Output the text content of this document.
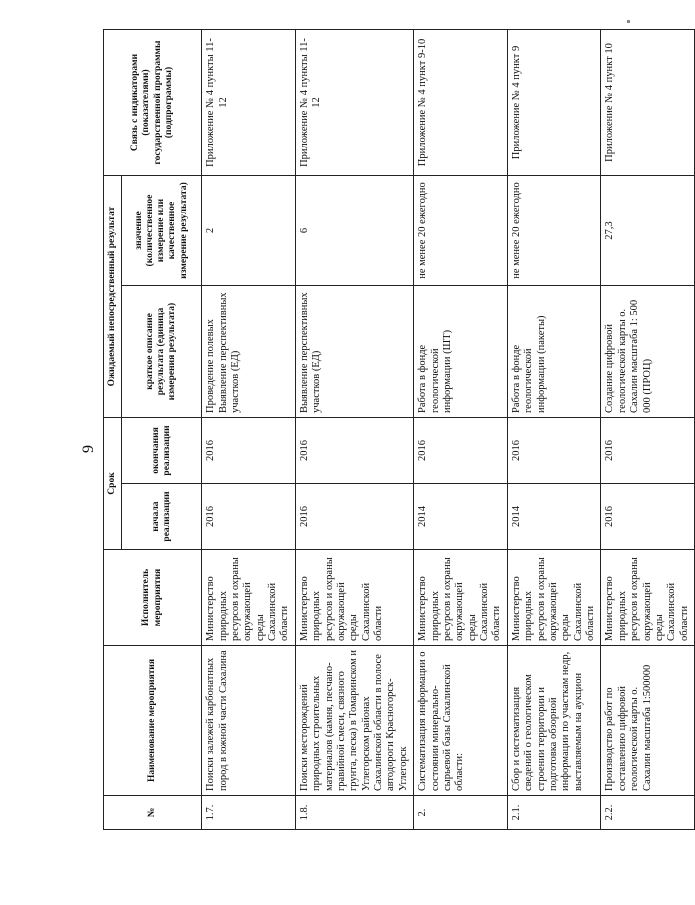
9
№	Наименование мероприятия	Исполнитель мероприятия	Срок		Ожидаемый непосредственный результат		Связь с индикаторами (показателями) государственной программы (подпрограммы)
			начала реализации	окончания реализации	краткое описание результата (единица измерения результата)	значение (количественное измерение или качественное измерение результата)	
1.7.	Поиски залежей карбонатных пород в южной части Сахалина	Министерство природных ресурсов и охраны окружающей среды Сахалинской области	2016	2016	Проведение полевых Выявление перспективных участков (ЕД)	2	Приложение № 4 пункты 11-12
1.8.	Поиски месторождений природных строительных материалов (камня, песчано-гравийной смеси, связного грунта, песка) в Томаринском и Углегорском районах Сахалинской области в полосе автодороги Красногорск-Углегорск	Министерство природных ресурсов и охраны окружающей среды Сахалинской области	2016	2016	Выявление перспективных участков (ЕД)	6	Приложение № 4 пункты 11-12
2.	Систематизация информации о состоянии минерально-сырьевой базы Сахалинской области:	Министерство природных ресурсов и охраны окружающей среды Сахалинской области	2014	2016	Работа в фонде геологической информации (ШТ)	не менее 20 ежегодно	Приложение № 4 пункт 9-10
2.1.	Сбор и систематизация сведений о геологическом строении территории и подготовка обзорной информации по участкам недр, выставляемым на аукцион	Министерство природных ресурсов и охраны окружающей среды Сахалинской области	2014	2016	Работа в фонде геологической информации (пакеты)	не менее 20 ежегодно	Приложение № 4 пункт 9
2.2.	Производство работ по составлению цифровой геологической карты о. Сахалин масштаба 1:500000	Министерство природных ресурсов и охраны окружающей среды Сахалинской области	2016	2016	Создание цифровой геологической карты о. Сахалин масштаба 1: 500 000 (ПРОЦ)	27,3	Приложение № 4 пункт 10
